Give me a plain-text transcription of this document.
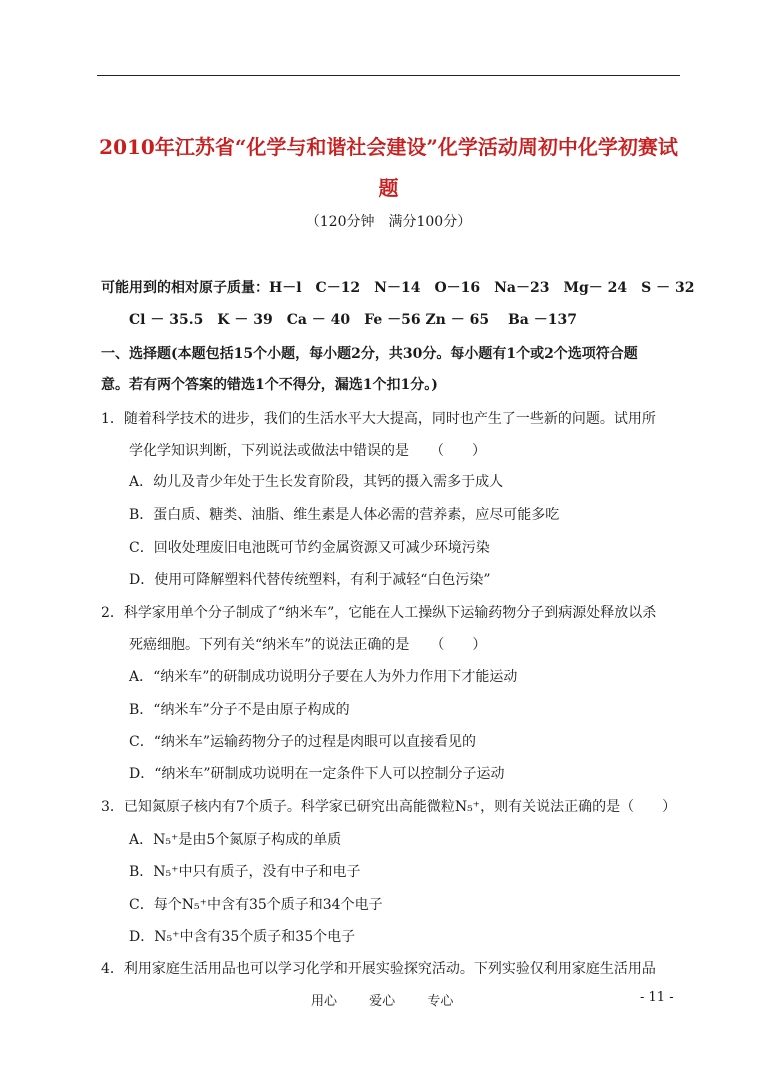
2010年江苏省“化学与和谐社会建设”化学活动周初中化学初赛试
题
（120分钟　满分100分）
可能用到的相对原子质量：H－l　C－12　N－14　O－16　Na－23　Mg－ 24　S － 32
Cl － 35.5　K － 39　Ca － 40　Fe －56 Zn － 65　 Ba －137
一、选择题(本题包括15个小题，每小题2分，共30分。每小题有1个或2个选项符合题
意。若有两个答案的错选1个不得分，漏选1个扣1分。)
1．随着科学技术的进步，我们的生活水平大大提高，同时也产生了一些新的问题。试用所
学化学知识判断，下列说法或做法中错误的是　　（　　）
A．幼儿及青少年处于生长发育阶段，其钙的摄入需多于成人
B．蛋白质、糖类、油脂、维生素是人体必需的营养素，应尽可能多吃
C．回收处理废旧电池既可节约金属资源又可减少环境污染
D．使用可降解塑料代替传统塑料，有利于减轻“白色污染”
2．科学家用单个分子制成了“纳米车”，它能在人工操纵下运输药物分子到病源处释放以杀
死癌细胞。下列有关“纳米车”的说法正确的是　　（　　）
A．“纳米车”的研制成功说明分子要在人为外力作用下才能运动
B．“纳米车”分子不是由原子构成的
C．“纳米车”运输药物分子的过程是肉眼可以直接看见的
D．“纳米车”研制成功说明在一定条件下人可以控制分子运动
3．已知氮原子核内有7个质子。科学家已研究出高能微粒N₅⁺，则有关说法正确的是（　　）
A．N₅⁺是由5个氮原子构成的单质
B．N₅⁺中只有质子，没有中子和电子
C．每个N₅⁺中含有35个质子和34个电子
D．N₅⁺中含有35个质子和35个电子
4．利用家庭生活用品也可以学习化学和开展实验探究活动。下列实验仅利用家庭生活用品
用心 爱心 专心	- 11 -
